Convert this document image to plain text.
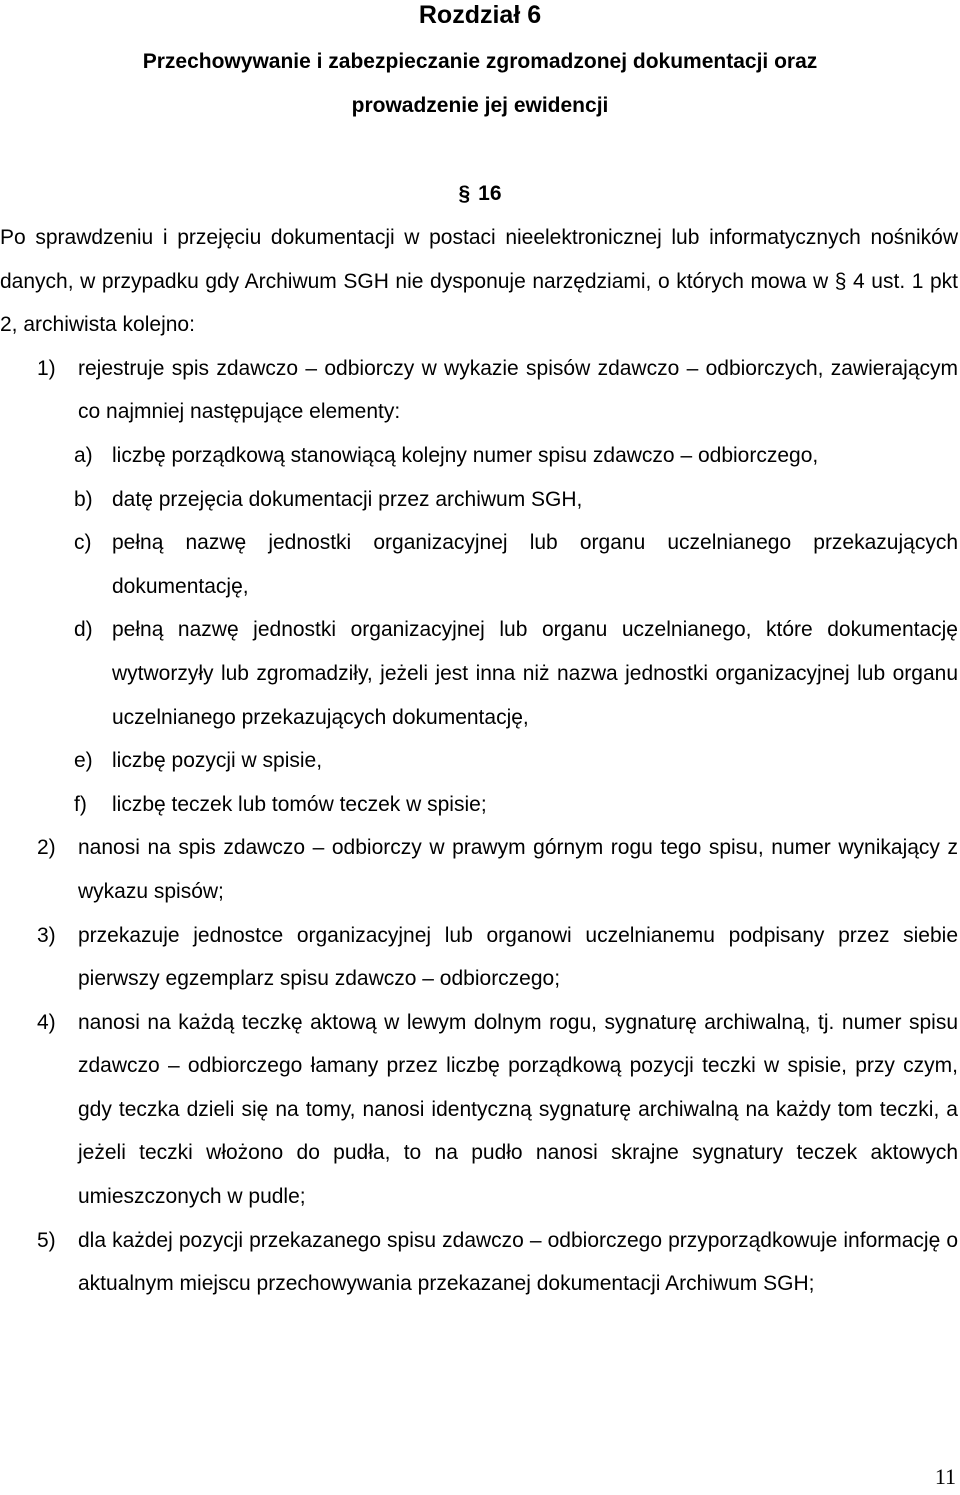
Rozdział 6
Przechowywanie i zabezpieczanie zgromadzonej dokumentacji oraz
prowadzenie jej ewidencji
§ 16

Po sprawdzeniu i przejęciu dokumentacji w postaci nieelektronicznej lub informatycznych nośników danych, w przypadku gdy Archiwum SGH nie dysponuje narzędziami, o których mowa w § 4 ust. 1 pkt 2, archiwista kolejno:

1) rejestruje spis zdawczo – odbiorczy w wykazie spisów zdawczo – odbiorczych, zawierającym co najmniej następujące elementy:
a) liczbę porządkową stanowiącą kolejny numer spisu zdawczo – odbiorczego,
b) datę przejęcia dokumentacji przez archiwum SGH,
c) pełną nazwę jednostki organizacyjnej lub organu uczelnianego przekazujących dokumentację,
d) pełną nazwę jednostki organizacyjnej lub organu uczelnianego, które dokumentację wytworzyły lub zgromadziły, jeżeli jest inna niż nazwa jednostki organizacyjnej lub organu uczelnianego przekazujących dokumentację,
e) liczbę pozycji w spisie,
f) liczbę teczek lub tomów teczek w spisie;
2) nanosi na spis zdawczo – odbiorczy w prawym górnym rogu tego spisu, numer wynikający z wykazu spisów;
3) przekazuje jednostce organizacyjnej lub organowi uczelnianemu podpisany przez siebie pierwszy egzemplarz spisu zdawczo – odbiorczego;
4) nanosi na każdą teczkę aktową w lewym dolnym rogu, sygnaturę archiwalną, tj. numer spisu zdawczo – odbiorczego łamany przez liczbę porządkową pozycji teczki w spisie, przy czym, gdy teczka dzieli się na tomy, nanosi identyczną sygnaturę archiwalną na każdy tom teczki, a jeżeli teczki włożono do pudła, to na pudło nanosi skrajne sygnatury teczek aktowych umieszczonych w pudle;
5) dla każdej pozycji przekazanego spisu zdawczo – odbiorczego przyporządkowuje informację o aktualnym miejscu przechowywania przekazanej dokumentacji Archiwum SGH;
11
